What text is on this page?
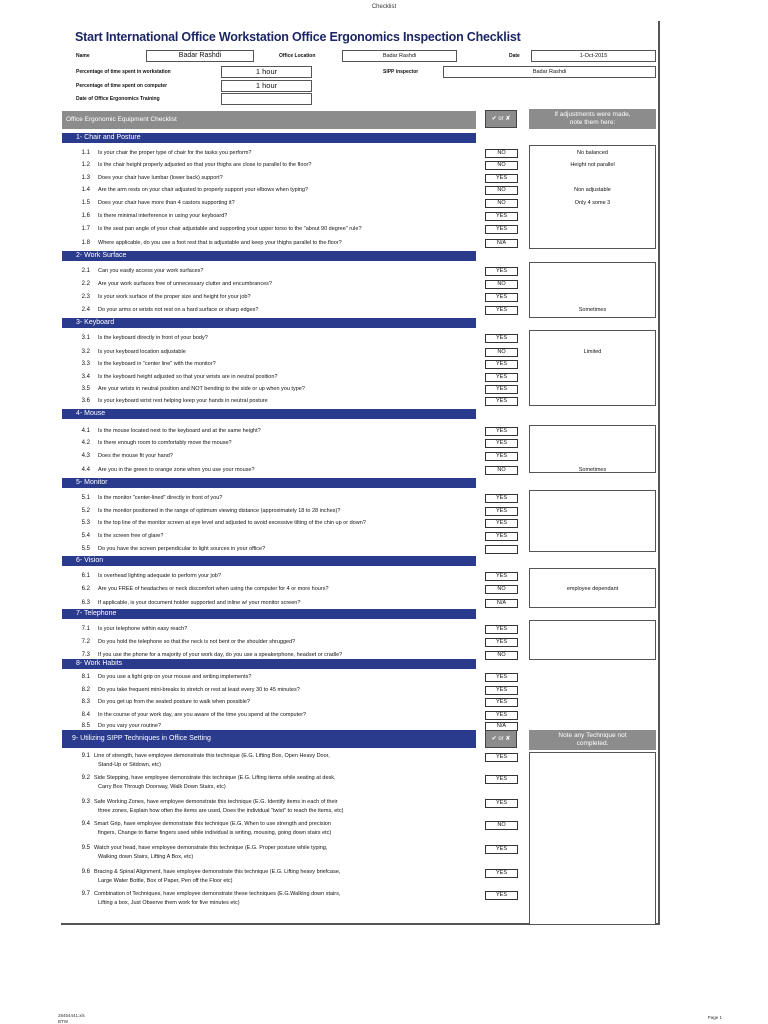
Checklist
Start International Office Workstation Office Ergonomics Inspection Checklist
Name	Badar Rashdi	Office Location	Badar Rashdi	Date	1-Oct-2015
Percentage of time spent in workstation	1 hour	SIPP inspector	Badar Rashdi
Percentage of time spent on computer	1 hour
Date of Office Ergonomics Training
Office Ergonomic Equipment Checklist	✔ or ✘
If adjustments were made,
note them here:
1- Chair and Posture
1.1 Is your chair the proper type of chair for the tasks you perform?	NO	No balanced
1.2 Is the chair height properly adjusted so that your thighs are close to parallel to the floor?	NO	Height not parallel
1.3 Does your chair have lumbar (lower back) support?	YES
1.4 Are the arm rests on your chair adjusted to properly support your elbows when typing?	NO	Non adjustable
1.5 Does your chair have more than 4 castors supporting it?	NO	Only 4 some 3
1.6 Is there minimal interference in using your keyboard?	YES
1.7 Is the seat pan angle of your chair adjustable and supporting your upper torso to the "about 90 degree" rule?	YES
1.8 Where applicable, do you use a foot rest that is adjustable and keep your thighs parallel to the floor?	N/A
2- Work Surface
2.1 Can you easily access your work surfaces?	YES
2.2 Are your work surfaces free of unnecessary clutter and encumbrances?	NO
2.3 Is your work surface of the proper size and height for your job?	YES
2.4 Do your arms or wrists not rest on a hard surface or sharp edges?	YES	Sometimes
3- Keyboard
3.1 Is the keyboard directly in front of your body?	YES
3.2 Is your keyboard location adjustable	NO	Limited
3.3 Is the keyboard in "center line" with the monitor?	YES
3.4 Is the keyboard height adjusted so that your wrists are in neutral position?	YES
3.5 Are your wrists in neutral position and NOT bending to the side or up when you type?	YES
3.6 Is your keyboard wrist rest helping keep your hands in neutral posture	YES
4- Mouse
4.1 Is the mouse located next to the keyboard and at the same height?	YES
4.2 Is there enough room to comfortably move the mouse?	YES
4.3 Does the mouse fit your hand?	YES
4.4 Are you in the green to orange zone when you use your mouse?	NO	Sometimes
5- Monitor
5.1 Is the monitor "center-lined" directly in front of you?	YES
5.2 Is the monitor positioned in the range of optimum viewing distance (approximately 18 to 28 inches)?	YES
5.3 Is the top line of the monitor screen at eye level and adjusted to avoid excessive tilting of the chin up or down?	YES
5.4 Is the screen free of glare?	YES
5.5 Do you have the screen perpendicular to light sources in your office?
6- Vision
6.1 Is overhead lighting adequate to perform your job?	YES
6.2 Are you FREE of headaches or neck discomfort when using the computer for 4 or more hours?	NO	employee dependant
6.3 If applicable, is your document holder supported and inline w/ your monitor screen?	N/A
7- Telephone
7.1 Is your telephone within easy reach?	YES
7.2 Do you hold the telephone so that the neck is not bent or the shoulder shrugged?	YES
7.3 If you use the phone for a majority of your work day, do you use a speakerphone, headset or cradle?	NO
8- Work Habits
8.1 Do you use a light grip on your mouse and writing implements?	YES
8.2 Do you take frequent mini-breaks to stretch or rest at least every 30 to 45 minutes?	YES
8.3 Do you get up from the seated posture to walk when possible?	YES
8.4 In the course of your work day, are you aware of the time you spend at the computer?	YES
8.5 Do you vary your routine?	N/A
9- Utilizing SIPP Techniques in Office Setting	✔ or ✘	Note any Technique not
completed.
9.1 Line of strength, have employee demonstrate this technique (E.G. Lifting Box, Open Heavy Door,
Stand-Up or Sitdown, etc)
YES
9.2 Side Stepping, have employee demonstrate this technique (E.G. Lifting items while seating at desk,
Carry Box Through Doorway, Walk Down Stairs, etc)
YES
9.3 Safe Working Zones, have employee demonstrate this technique (E.G. Identify items in each of their
three zones, Explain how often the items are used, Does the individual "twist" to reach the items, etc)
YES
9.4 Smart Grip, have employee demonstrate this technique (E.G. When to use strength and precision
fingers, Change to flame fingers used while individual is writing, mousing, going down stairs etc)
NO
9.5 Watch your head, have employee demonstrate this technique (E.G. Proper posture while typing,
Walking down Stairs, Lifting A Box, etc)
YES
9.6 Bracing & Spinal Alignment, have employee demonstrate this technique (E.G. Lifting heavy briefcase,
Large Water Bottle, Box of Paper, Pen off the Floor etc)
YES
9.7 Combination of Techniques, have employee demonstrate these techniques (E.G.Walking down stairs,
Lifting a box, Just Observe them work for five minutes etc)
YES
28454441.xls
BTW
Page 1
